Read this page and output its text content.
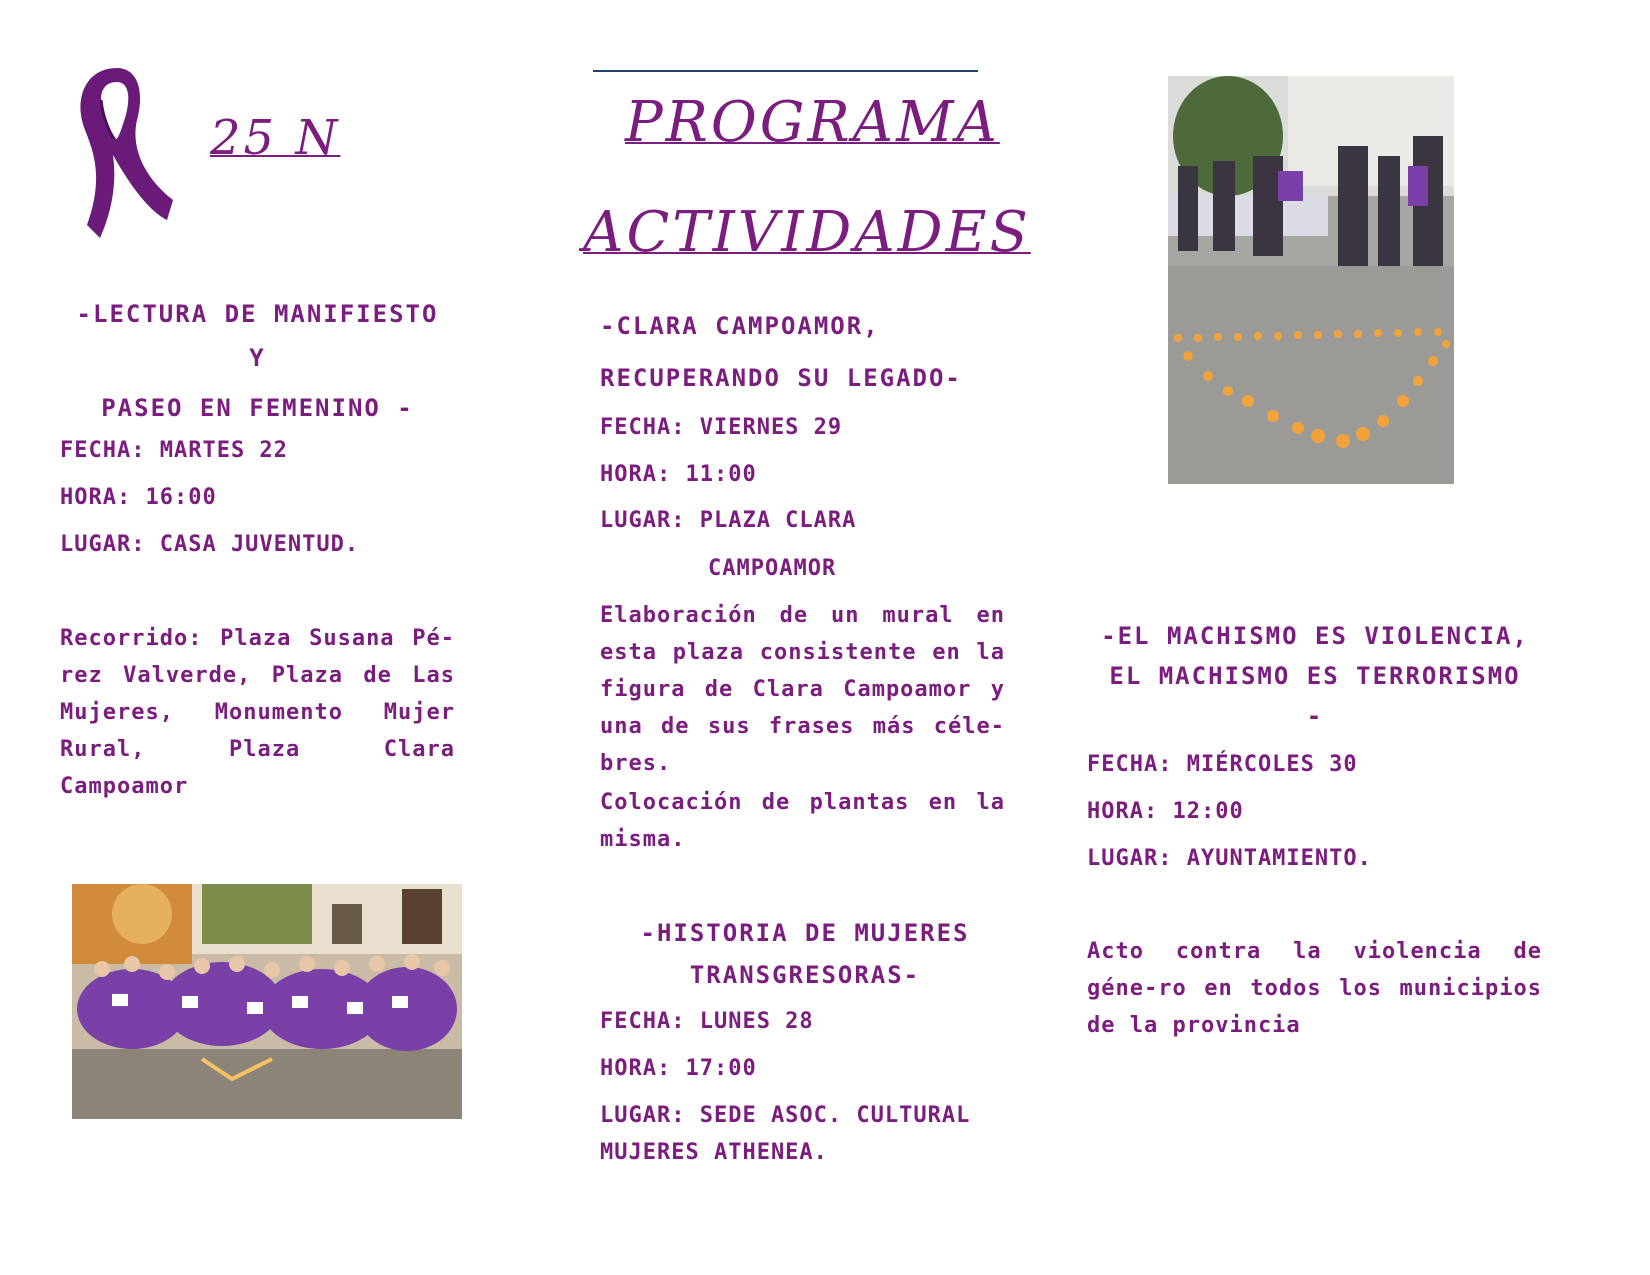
25 N
-LECTURA DE MANIFIESTO
Y
PASEO EN FEMENINO -
FECHA: MARTES 22
HORA: 16:00
LUGAR: CASA JUVENTUD.
Recorrido: Plaza Susana Pé-rez Valverde, Plaza de Las Mujeres, Monumento Mujer Rural, Plaza Clara Campoamor
PROGRAMA
ACTIVIDADES
-CLARA CAMPOAMOR,
RECUPERANDO SU LEGADO-
FECHA: VIERNES 29
HORA: 11:00
LUGAR: PLAZA CLARA
CAMPOAMOR
Elaboración de un mural en esta plaza consistente en la figura de Clara Campoamor y una de sus frases más céle-bres.
Colocación de plantas en la misma.
-HISTORIA DE MUJERES
TRANSGRESORAS-
FECHA: LUNES 28
HORA: 17:00
LUGAR: SEDE ASOC. CULTURAL MUJERES ATHENEA.
-EL MACHISMO ES VIOLENCIA,
EL MACHISMO ES TERRORISMO
-
FECHA: MIÉRCOLES 30
HORA: 12:00
LUGAR: AYUNTAMIENTO.
Acto contra la violencia de géne-ro en todos los municipios de la provincia
